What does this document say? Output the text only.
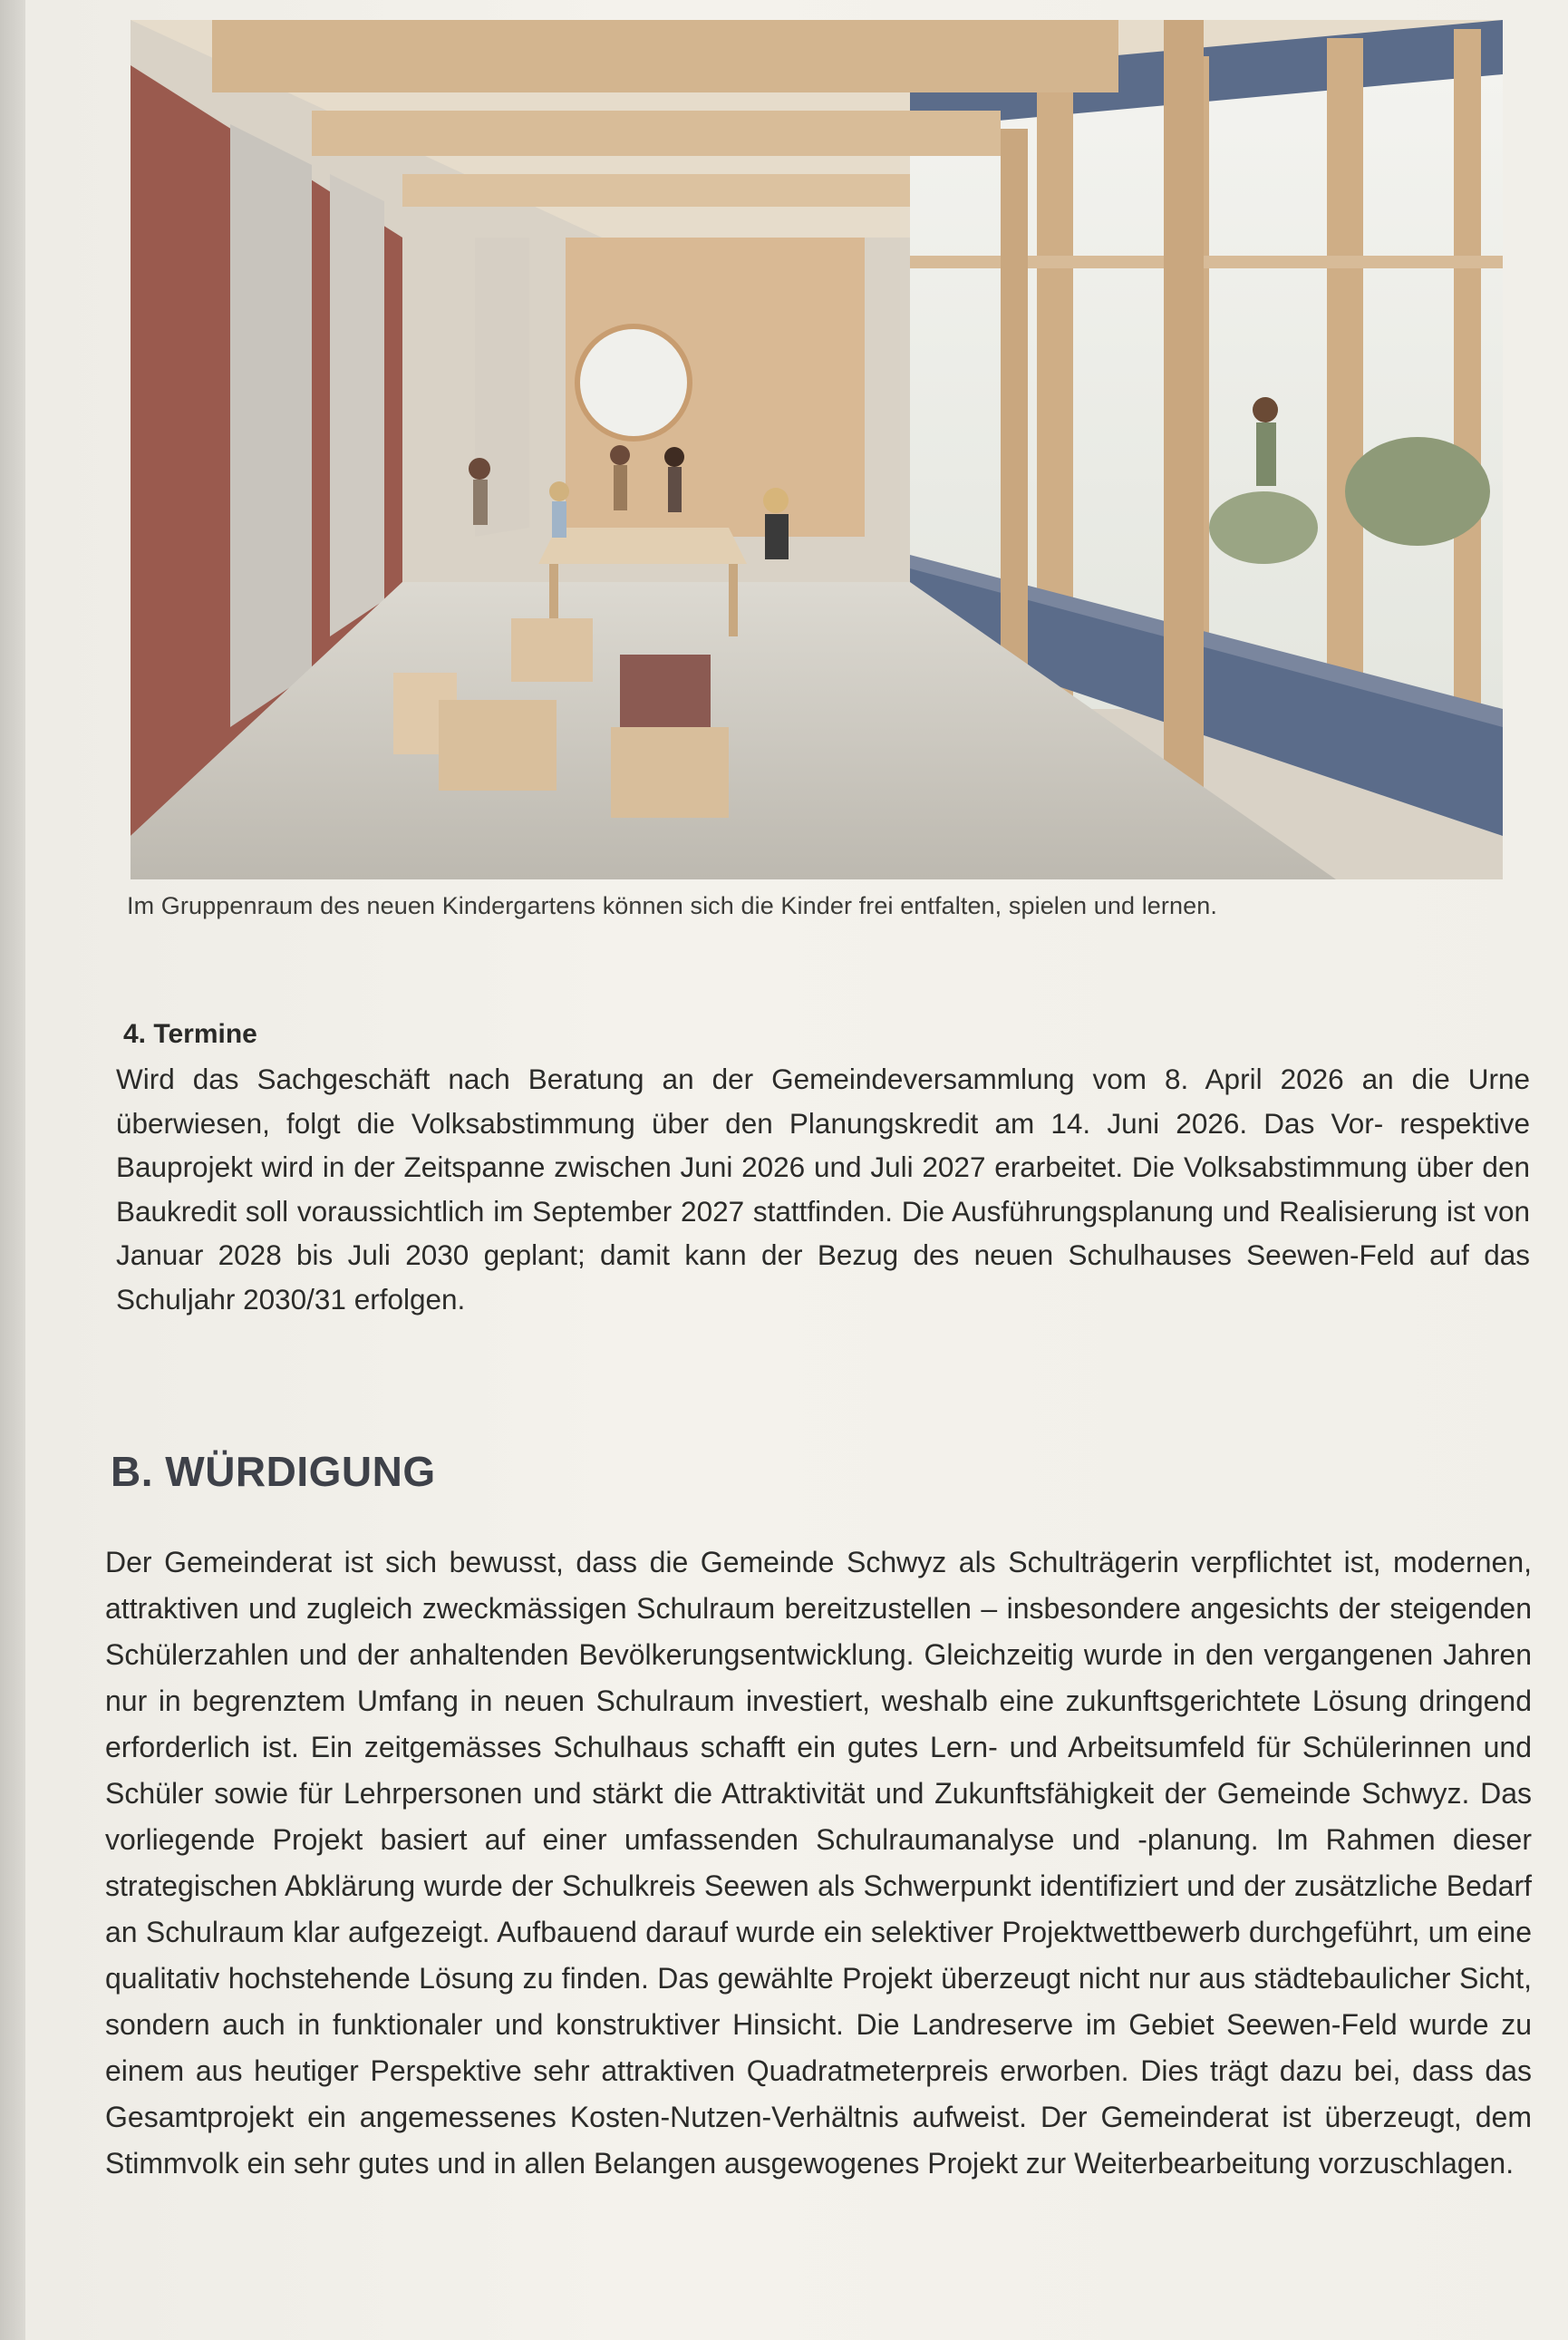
Im Gruppenraum des neuen Kindergartens können sich die Kinder frei entfalten, spielen und lernen.
4. Termine

Wird das Sachgeschäft nach Beratung an der Gemeindeversammlung vom 8. April 2026 an die Urne überwiesen, folgt die Volksabstimmung über den Planungskredit am 14. Juni 2026. Das Vor- respektive Bauprojekt wird in der Zeitspanne zwischen Juni 2026 und Juli 2027 erarbeitet. Die Volksabstimmung über den Baukredit soll voraussichtlich im September 2027 stattfinden. Die Ausführungsplanung und Realisierung ist von Januar 2028 bis Juli 2030 geplant; damit kann der Bezug des neuen Schulhauses Seewen-Feld auf das Schuljahr 2030/31 erfolgen.

B. WÜRDIGUNG

Der Gemeinderat ist sich bewusst, dass die Gemeinde Schwyz als Schulträgerin verpflichtet ist, modernen, attraktiven und zugleich zweckmässigen Schulraum bereitzustellen – insbesondere angesichts der steigenden Schülerzahlen und der anhaltenden Bevölkerungsentwicklung. Gleichzeitig wurde in den vergangenen Jahren nur in begrenztem Umfang in neuen Schulraum investiert, weshalb eine zukunftsgerichtete Lösung dringend erforderlich ist. Ein zeitgemässes Schulhaus schafft ein gutes Lern- und Arbeitsumfeld für Schülerinnen und Schüler sowie für Lehrpersonen und stärkt die Attraktivität und Zukunftsfähigkeit der Gemeinde Schwyz. Das vorliegende Projekt basiert auf einer umfassenden Schulraumanalyse und -planung. Im Rahmen dieser strategischen Abklärung wurde der Schulkreis Seewen als Schwerpunkt identifiziert und der zusätzliche Bedarf an Schulraum klar aufgezeigt. Aufbauend darauf wurde ein selektiver Projektwettbewerb durchgeführt, um eine qualitativ hochstehende Lösung zu finden. Das gewählte Projekt überzeugt nicht nur aus städtebaulicher Sicht, sondern auch in funktionaler und konstruktiver Hinsicht. Die Landreserve im Gebiet Seewen-Feld wurde zu einem aus heutiger Perspektive sehr attraktiven Quadratmeterpreis erworben. Dies trägt dazu bei, dass das Gesamtprojekt ein angemessenes Kosten-Nutzen-Verhältnis aufweist. Der Gemeinderat ist überzeugt, dem Stimmvolk ein sehr gutes und in allen Belangen ausgewogenes Projekt zur Weiterbearbeitung vorzuschlagen.
